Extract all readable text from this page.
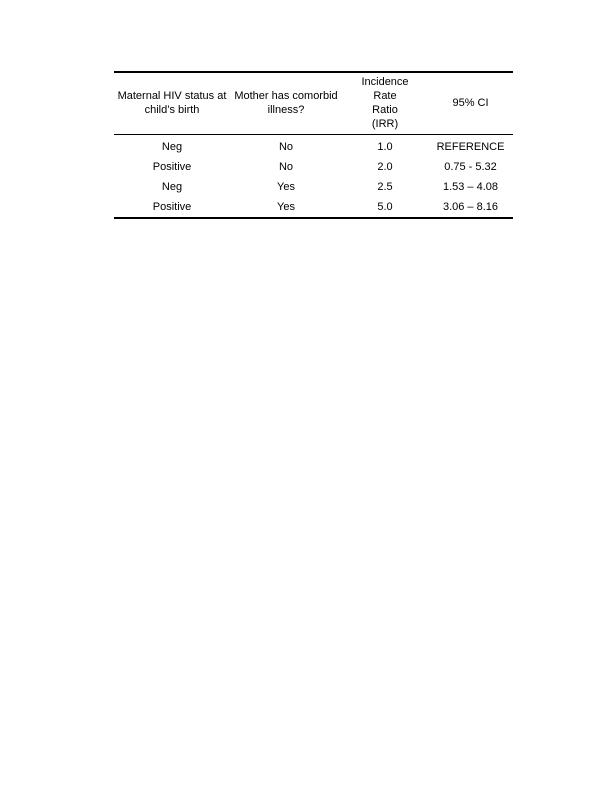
Maternal HIV status at child’s birth	Mother has comorbid illness?	Incidence Rate Ratio (IRR)	95% CI
Neg	No	1.0	REFERENCE
Positive	No	2.0	0.75 - 5.32
Neg	Yes	2.5	1.53 – 4.08
Positive	Yes	5.0	3.06 – 8.16
